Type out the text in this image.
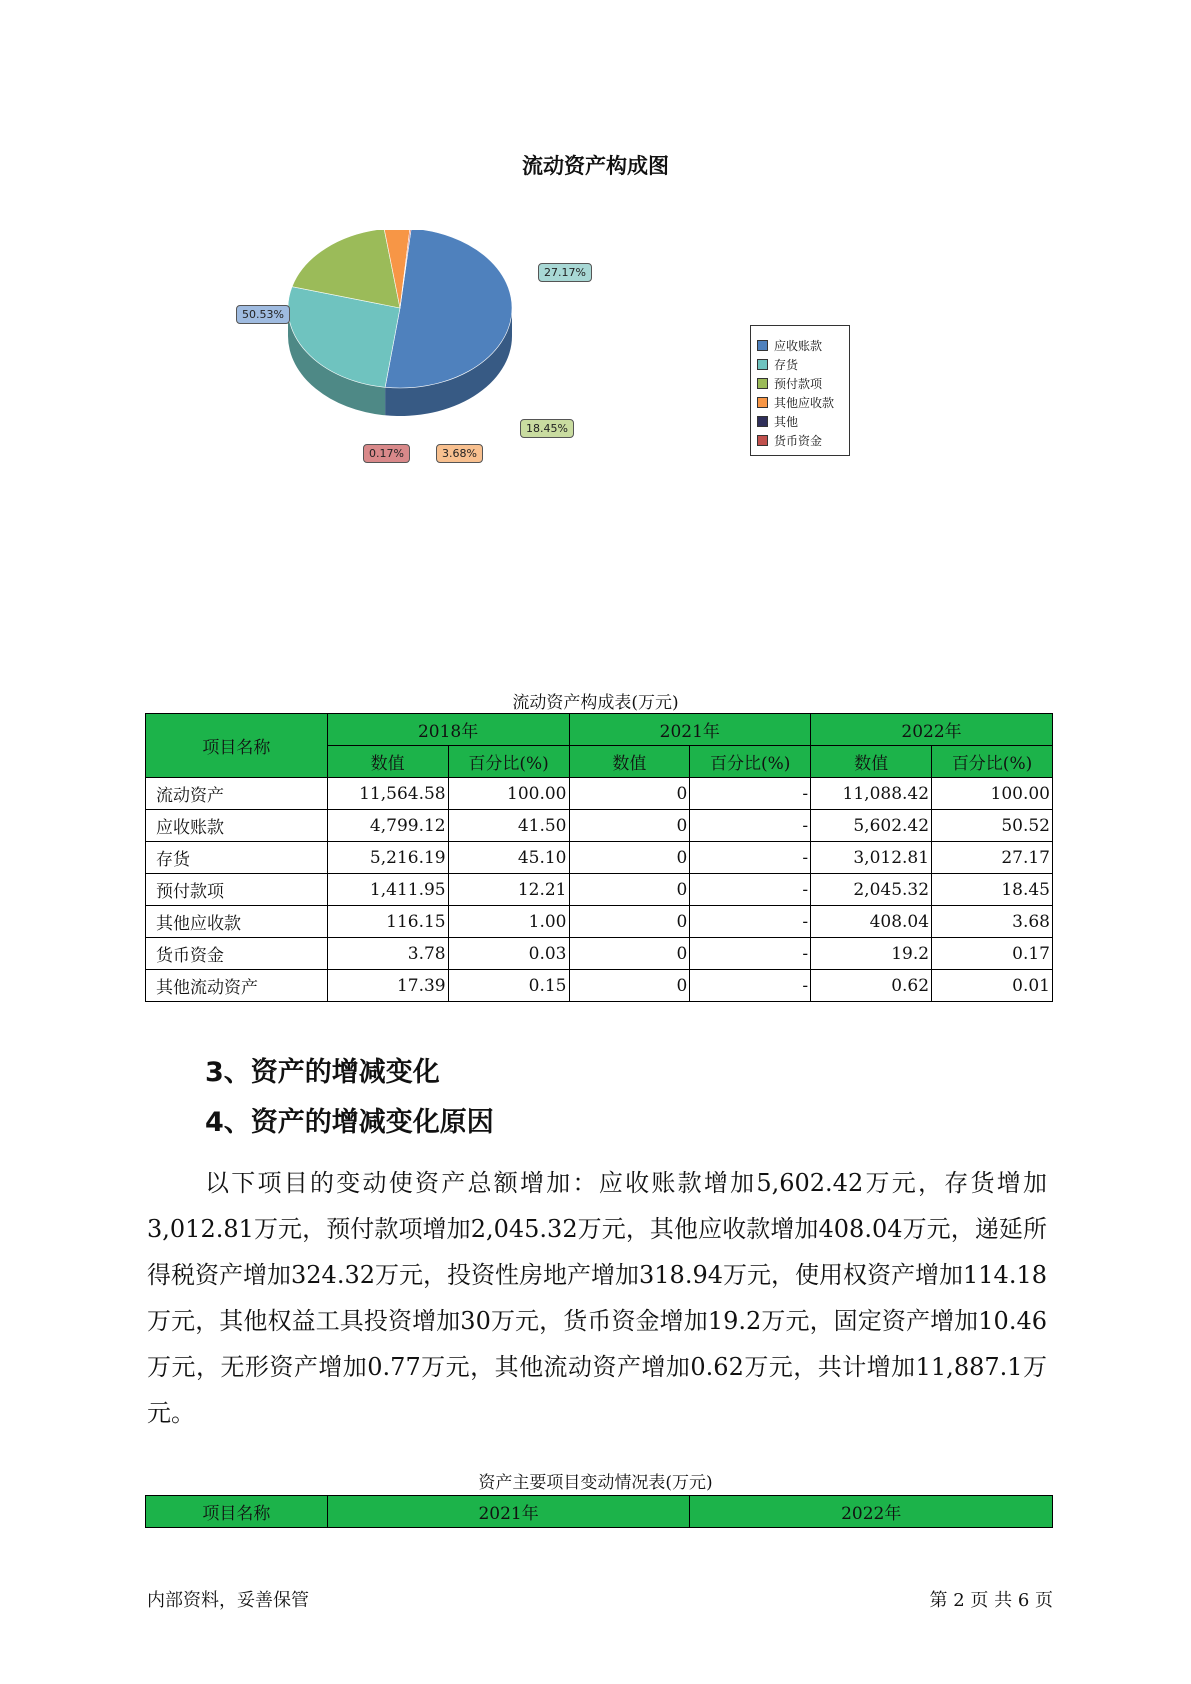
流动资产构成图
27.17%
50.53%
18.45%
3.68%
0.17%
应收账款
存货
预付款项
其他应收款
其他
货币资金
流动资产构成表(万元)
项目名称	2018年		2021年		2022年	
	数值	百分比(%)	数值	百分比(%)	数值	百分比(%)
流动资产	11,564.58	100.00	0	-	11,088.42	100.00
应收账款	4,799.12	41.50	0	-	5,602.42	50.52
存货	5,216.19	45.10	0	-	3,012.81	27.17
预付款项	1,411.95	12.21	0	-	2,045.32	18.45
其他应收款	116.15	1.00	0	-	408.04	3.68
货币资金	3.78	0.03	0	-	19.2	0.17
其他流动资产	17.39	0.15	0	-	0.62	0.01
3、资产的增减变化
4、资产的增减变化原因

以下项目的变动使资产总额增加：应收账款增加5,602.42万元，存货增加3,012.81万元，预付款项增加2,045.32万元，其他应收款增加408.04万元，递延所得税资产增加324.32万元，投资性房地产增加318.94万元，使用权资产增加114.18万元，其他权益工具投资增加30万元，货币资金增加19.2万元，固定资产增加10.46万元，无形资产增加0.77万元，其他流动资产增加0.62万元，共计增加11,887.1万元。

资产主要项目变动情况表(万元)
项目名称	2021年	2022年
内部资料，妥善保管	第 2 页 共 6 页
